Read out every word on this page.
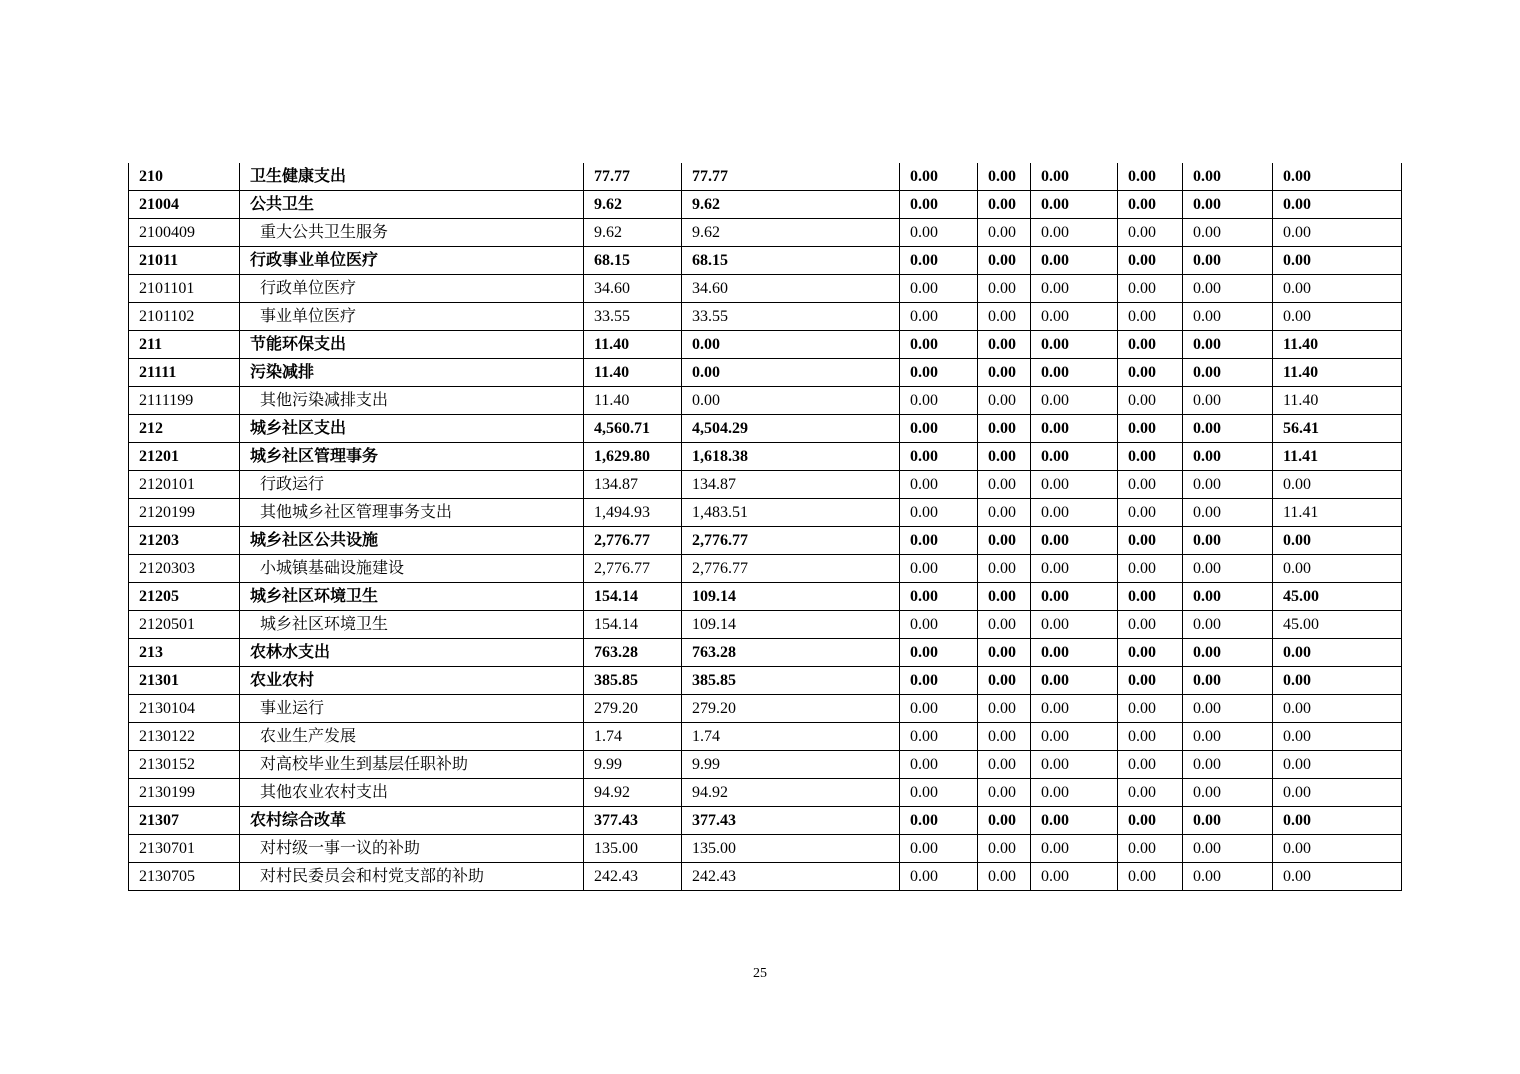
210	卫生健康支出	77.77	77.77	0.00	0.00	0.00	0.00	0.00	0.00
21004	公共卫生	9.62	9.62	0.00	0.00	0.00	0.00	0.00	0.00
2100409	重大公共卫生服务	9.62	9.62	0.00	0.00	0.00	0.00	0.00	0.00
21011	行政事业单位医疗	68.15	68.15	0.00	0.00	0.00	0.00	0.00	0.00
2101101	行政单位医疗	34.60	34.60	0.00	0.00	0.00	0.00	0.00	0.00
2101102	事业单位医疗	33.55	33.55	0.00	0.00	0.00	0.00	0.00	0.00
211	节能环保支出	11.40	0.00	0.00	0.00	0.00	0.00	0.00	11.40
21111	污染减排	11.40	0.00	0.00	0.00	0.00	0.00	0.00	11.40
2111199	其他污染减排支出	11.40	0.00	0.00	0.00	0.00	0.00	0.00	11.40
212	城乡社区支出	4,560.71	4,504.29	0.00	0.00	0.00	0.00	0.00	56.41
21201	城乡社区管理事务	1,629.80	1,618.38	0.00	0.00	0.00	0.00	0.00	11.41
2120101	行政运行	134.87	134.87	0.00	0.00	0.00	0.00	0.00	0.00
2120199	其他城乡社区管理事务支出	1,494.93	1,483.51	0.00	0.00	0.00	0.00	0.00	11.41
21203	城乡社区公共设施	2,776.77	2,776.77	0.00	0.00	0.00	0.00	0.00	0.00
2120303	小城镇基础设施建设	2,776.77	2,776.77	0.00	0.00	0.00	0.00	0.00	0.00
21205	城乡社区环境卫生	154.14	109.14	0.00	0.00	0.00	0.00	0.00	45.00
2120501	城乡社区环境卫生	154.14	109.14	0.00	0.00	0.00	0.00	0.00	45.00
213	农林水支出	763.28	763.28	0.00	0.00	0.00	0.00	0.00	0.00
21301	农业农村	385.85	385.85	0.00	0.00	0.00	0.00	0.00	0.00
2130104	事业运行	279.20	279.20	0.00	0.00	0.00	0.00	0.00	0.00
2130122	农业生产发展	1.74	1.74	0.00	0.00	0.00	0.00	0.00	0.00
2130152	对高校毕业生到基层任职补助	9.99	9.99	0.00	0.00	0.00	0.00	0.00	0.00
2130199	其他农业农村支出	94.92	94.92	0.00	0.00	0.00	0.00	0.00	0.00
21307	农村综合改革	377.43	377.43	0.00	0.00	0.00	0.00	0.00	0.00
2130701	对村级一事一议的补助	135.00	135.00	0.00	0.00	0.00	0.00	0.00	0.00
2130705	对村民委员会和村党支部的补助	242.43	242.43	0.00	0.00	0.00	0.00	0.00	0.00
25
